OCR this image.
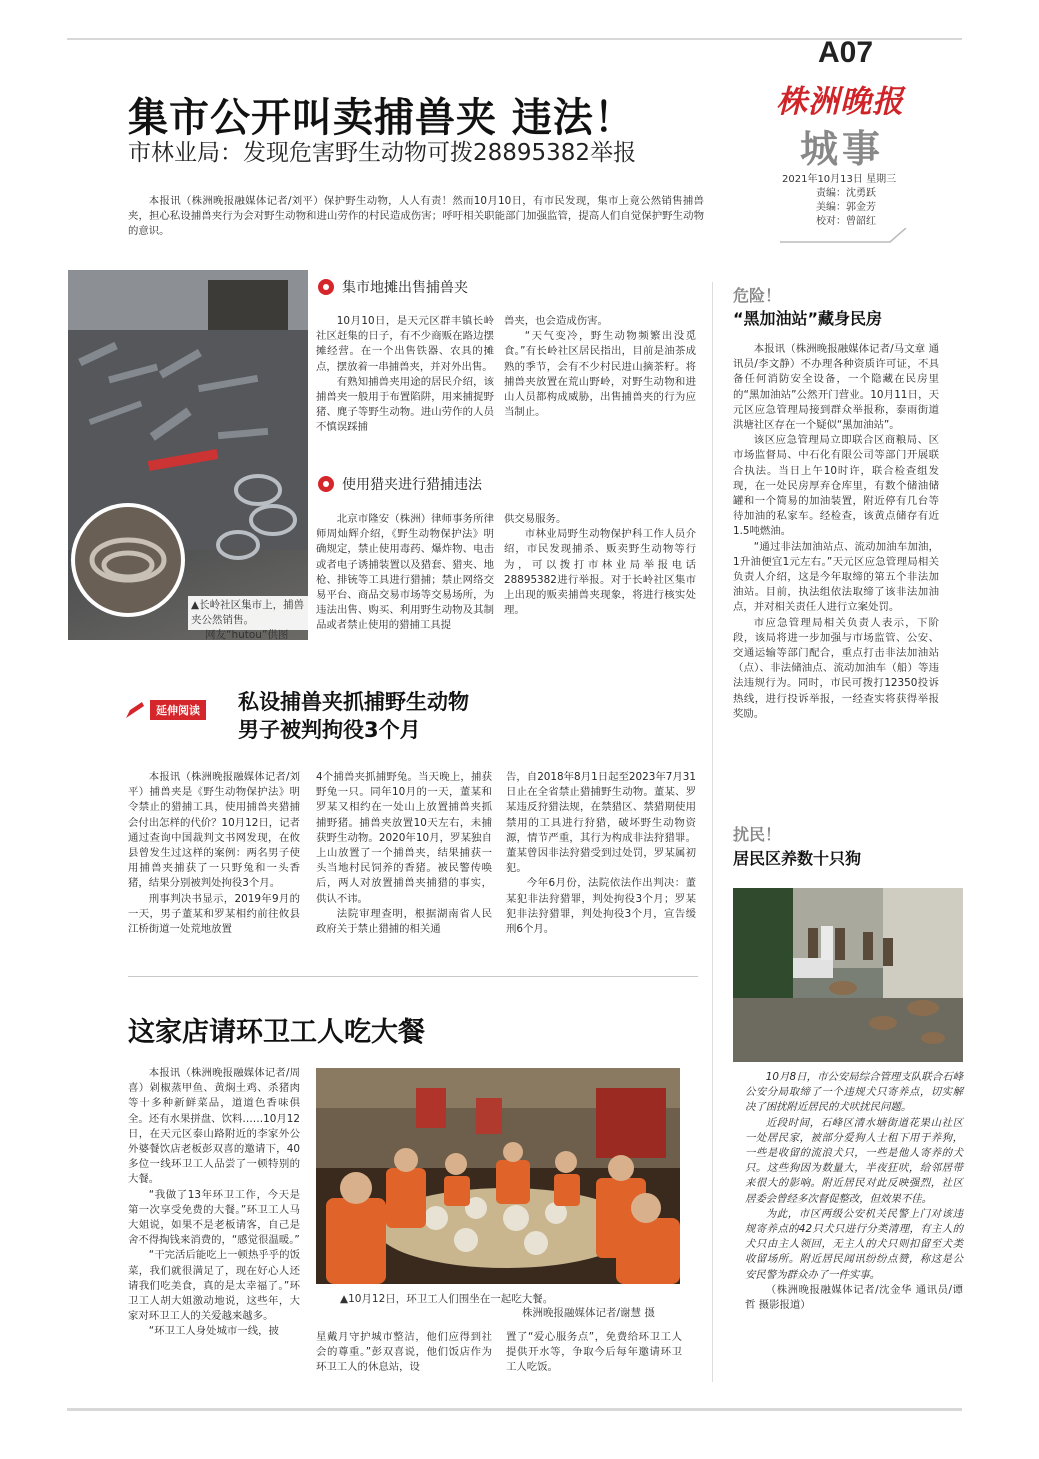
A07
株洲晚报
城事
2021年10月13日 星期三
责编：沈勇跃
美编：郭金芳
校对：曾韶红
集市公开叫卖捕兽夹 违法！
市林业局：发现危害野生动物可拨28895382举报

本报讯（株洲晚报融媒体记者/刘平）保护野生动物，人人有责！然而10月10日，有市民发现，集市上竟公然销售捕兽夹，担心私设捕兽夹行为会对野生动物和进山劳作的村民造成伤害；呼吁相关职能部门加强监管，提高人们自觉保护野生动物的意识。

▲长岭社区集市上，捕兽夹公然销售。
网友“hutou”供图
集市地摊出售捕兽夹

10月10日，是天元区群丰镇长岭社区赶集的日子，有不少商贩在路边摆摊经营。在一个出售铁器、农具的摊点，摆放着一串捕兽夹，并对外出售。

有熟知捕兽夹用途的居民介绍，该捕兽夹一般用于布置陷阱，用来捕捉野猪、麂子等野生动物。进山劳作的人员不慎误踩捕

兽夹，也会造成伤害。

“天气变冷，野生动物频繁出没觅食。”有长岭社区居民指出，目前是油茶成熟的季节，会有不少村民进山摘茶籽。将捕兽夹放置在荒山野岭，对野生动物和进山人员都构成威胁，出售捕兽夹的行为应当制止。

使用猎夹进行猎捕违法

北京市隆安（株洲）律师事务所律师周灿辉介绍，《野生动物保护法》明确规定，禁止使用毒药、爆炸物、电击或者电子诱捕装置以及猎套、猎夹、地枪、排铳等工具进行猎捕；禁止网络交易平台、商品交易市场等交易场所，为违法出售、购买、利用野生动物及其制品或者禁止使用的猎捕工具提

供交易服务。

市林业局野生动物保护科工作人员介绍，市民发现捕杀、贩卖野生动物等行为，可以拨打市林业局举报电话28895382进行举报。对于长岭社区集市上出现的贩卖捕兽夹现象，将进行核实处理。

延伸阅读 私设捕兽夹抓捕野生动物
男子被判拘役3个月

本报讯（株洲晚报融媒体记者/刘平）捕兽夹是《野生动物保护法》明令禁止的猎捕工具，使用捕兽夹猎捕会付出怎样的代价？10月12日，记者通过查询中国裁判文书网发现，在攸县曾发生过这样的案例：两名男子使用捕兽夹捕获了一只野兔和一头香猪，结果分别被判处拘役3个月。

刑事判决书显示，2019年9月的一天，男子董某和罗某相约前往攸县江桥街道一处荒地放置

4个捕兽夹抓捕野兔。当天晚上，捕获野兔一只。同年10月的一天，董某和罗某又相约在一处山上放置捕兽夹抓捕野猪。捕兽夹放置10天左右，未捕获野生动物。2020年10月，罗某独自上山放置了一个捕兽夹，结果捕获一头当地村民饲养的香猪。被民警传唤后，两人对放置捕兽夹捕猎的事实，供认不讳。

法院审理查明，根据湖南省人民政府关于禁止猎捕的相关通

告，自2018年8月1日起至2023年7月31日止在全省禁止猎捕野生动物。董某、罗某违反狩猎法规，在禁猎区、禁猎期使用禁用的工具进行狩猎，破坏野生动物资源，情节严重，其行为构成非法狩猎罪。董某曾因非法狩猎受到过处罚，罗某属初犯。

今年6月份，法院依法作出判决：董某犯非法狩猎罪，判处拘役3个月；罗某犯非法狩猎罪，判处拘役3个月，宣告缓刑6个月。

这家店请环卫工人吃大餐

本报讯（株洲晚报融媒体记者/周喜）剁椒蒸甲鱼、黄焖土鸡、杀猪肉等十多种新鲜菜品，道道色香味俱全。还有水果拼盘、饮料……10月12日，在天元区泰山路附近的李家外公外婆餐饮店老板彭双喜的邀请下，40多位一线环卫工人品尝了一顿特别的大餐。

“我做了13年环卫工作，今天是第一次享受免费的大餐。”环卫工人马大姐说，如果不是老板请客，自己是舍不得掏钱来消费的，“感觉很温暖。”

“干完活后能吃上一顿热乎乎的饭菜，我们就很满足了，现在好心人还请我们吃美食，真的是太幸福了。”环卫工人胡大姐激动地说，这些年，大家对环卫工人的关爱越来越多。

“环卫工人身处城市一线，披

▲10月12日，环卫工人们围坐在一起吃大餐。
株洲晚报融媒体记者/谢慧 摄

星戴月守护城市整洁，他们应得到社会的尊重。”彭双喜说，他们饭店作为环卫工人的休息站，设

置了“爱心服务点”，免费给环卫工人提供开水等，争取今后每年邀请环卫工人吃饭。

危险！
“黑加油站”藏身民房

本报讯（株洲晚报融媒体记者/马文章 通讯员/李文静）不办理各种资质许可证，不具备任何消防安全设备，一个隐藏在民房里的“黑加油站”公然开门营业。10月11日，天元区应急管理局接到群众举报称，泰雨街道洪塘社区存在一个疑似“黑加油站”。

该区应急管理局立即联合区商粮局、区市场监督局、中石化有限公司等部门开展联合执法。当日上午10时许，联合检查组发现，在一处民房厚弃仓库里，有数个储油储罐和一个简易的加油装置，附近停有几台等待加油的私家车。经检查，该黄点储存有近1.5吨燃油。

“通过非法加油站点、流动加油车加油，1升油便宜1元左右。”天元区应急管理局相关负责人介绍，这是今年取缔的第五个非法加油站。目前，执法组依法取缔了该非法加油点，并对相关责任人进行立案处罚。

市应急管理局相关负责人表示，下阶段，该局将进一步加强与市场监管、公安、交通运输等部门配合，重点打击非法加油站（点）、非法储油点、流动加油车（船）等违法违规行为。同时，市民可拨打12350投诉热线，进行投诉举报，一经查实将获得举报奖励。

扰民！
居民区养数十只狗

10月8日，市公安局综合管理支队联合石峰公安分局取缔了一个违规犬只寄养点，切实解决了困扰附近居民的犬吠扰民问题。

近段时间，石峰区清水塘街道花果山社区一处居民家，被部分爱狗人士租下用于养狗，一些是收留的流浪犬只，一些是他人寄养的犬只。这些狗因为数量大，半夜狂吠，给邻居带来很大的影响。附近居民对此反映强烈，社区居委会曾经多次督促整改，但效果不佳。

为此，市区两级公安机关民警上门对该违规寄养点的42只犬只进行分类清理，有主人的犬只由主人领回，无主人的犬只则扣留至犬类收留场所。附近居民闻讯纷纷点赞，称这是公安民警为群众办了一件实事。

（株洲晚报融媒体记者/沈金华 通讯员/谭哲 摄影报道）
